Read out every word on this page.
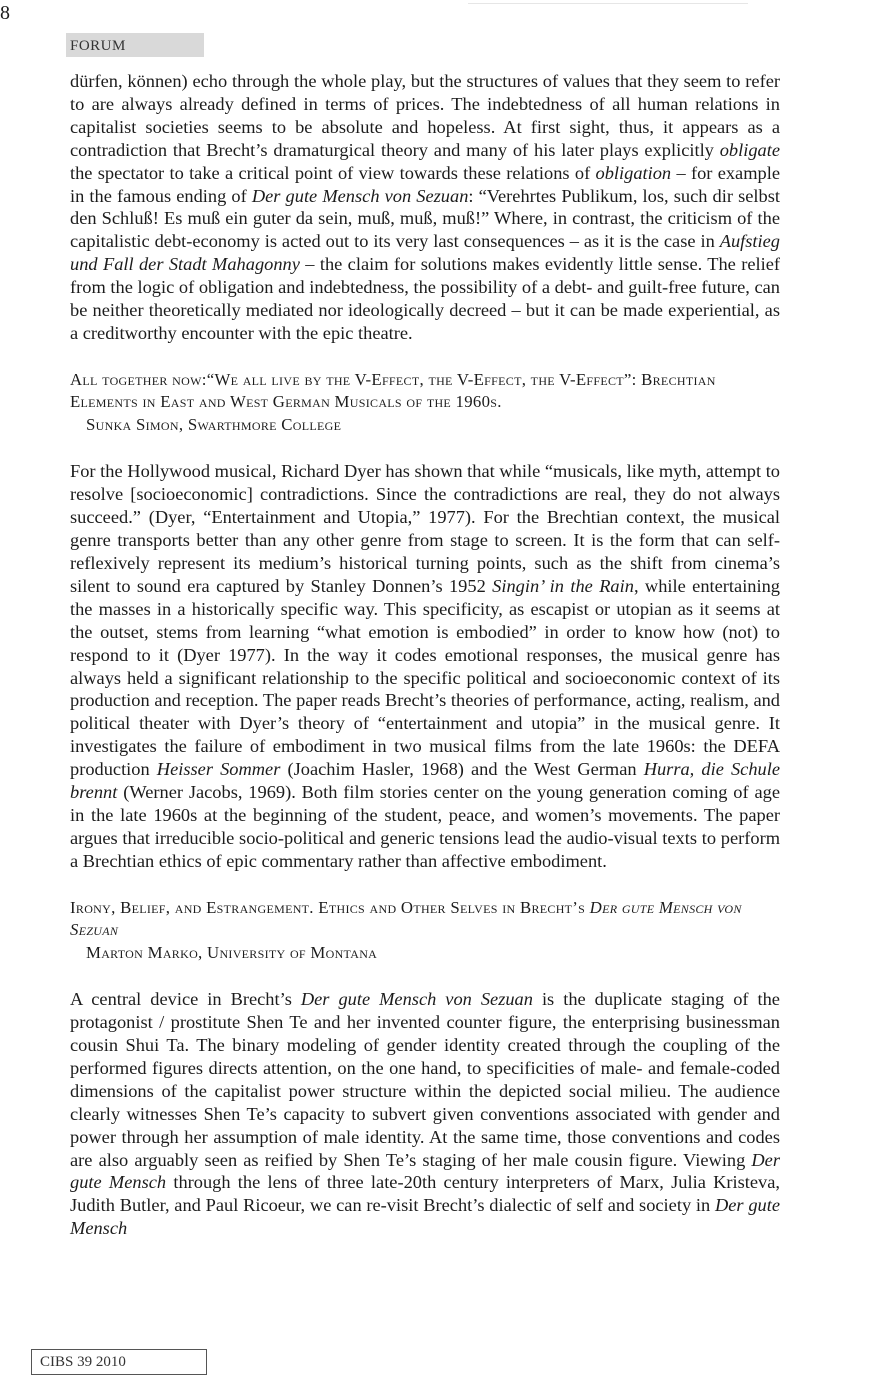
8
FORUM

dürfen, können) echo through the whole play, but the structures of values that they seem to refer to are always already defined in terms of prices. The indebtedness of all human relations in capitalist societies seems to be absolute and hopeless. At first sight, thus, it appears as a contradiction that Brecht’s dramaturgical theory and many of his later plays explicitly obligate the spectator to take a critical point of view towards these relations of obligation – for example in the famous ending of Der gute Mensch von Sezuan: “Verehrtes Publikum, los, such dir selbst den Schluß! Es muß ein guter da sein, muß, muß, muß!” Where, in contrast, the criticism of the capitalistic debt-economy is acted out to its very last consequences – as it is the case in Aufstieg und Fall der Stadt Mahagonny – the claim for solutions makes evidently little sense. The relief from the logic of obligation and indebtedness, the possibility of a debt- and guilt-free future, can be neither theoretically mediated nor ideologically decreed – but it can be made experiential, as a creditworthy encounter with the epic theatre.

All together now:“We all live by the V-Effect, the V-Effect, the V-Effect”: Brechtian Elements in East and West German Musicals of the 1960s.
Sunka Simon, Swarthmore College

For the Hollywood musical, Richard Dyer has shown that while “musicals, like myth, attempt to resolve [socioeconomic] contradictions. Since the contradictions are real, they do not always succeed.” (Dyer, “Entertainment and Utopia,” 1977). For the Brechtian context, the musical genre transports better than any other genre from stage to screen. It is the form that can self-reflexively represent its medium’s historical turning points, such as the shift from cinema’s silent to sound era captured by Stanley Donnen’s 1952 Singin’ in the Rain, while entertaining the masses in a historically specific way. This specificity, as escapist or utopian as it seems at the outset, stems from learning “what emotion is embodied” in order to know how (not) to respond to it (Dyer 1977). In the way it codes emotional responses, the musical genre has always held a significant relationship to the specific political and socioeconomic context of its production and reception. The paper reads Brecht’s theories of performance, acting, realism, and political theater with Dyer’s theory of “entertainment and utopia” in the musical genre. It investigates the failure of embodiment in two musical films from the late 1960s: the DEFA production Heisser Sommer (Joachim Hasler, 1968) and the West German Hurra, die Schule brennt (Werner Jacobs, 1969). Both film stories center on the young generation coming of age in the late 1960s at the beginning of the student, peace, and women’s movements. The paper argues that irreducible socio-political and generic tensions lead the audio-visual texts to perform a Brechtian ethics of epic commentary rather than affective embodiment.

Irony, Belief, and Estrangement. Ethics and Other Selves in Brecht’s Der gute Mensch von Sezuan
Marton Marko, University of Montana

A central device in Brecht’s Der gute Mensch von Sezuan is the duplicate staging of the protagonist / prostitute Shen Te and her invented counter figure, the enterprising businessman cousin Shui Ta. The binary modeling of gender identity created through the coupling of the performed figures directs attention, on the one hand, to specificities of male- and female-coded dimensions of the capitalist power structure within the depicted social milieu. The audience clearly witnesses Shen Te’s capacity to subvert given conventions associated with gender and power through her assumption of male identity. At the same time, those conventions and codes are also arguably seen as reified by Shen Te’s staging of her male cousin figure. Viewing Der gute Mensch through the lens of three late-20th century interpreters of Marx, Julia Kristeva, Judith Butler, and Paul Ricoeur, we can re-visit Brecht’s dialectic of self and society in Der gute Mensch

CIBS 39 2010
